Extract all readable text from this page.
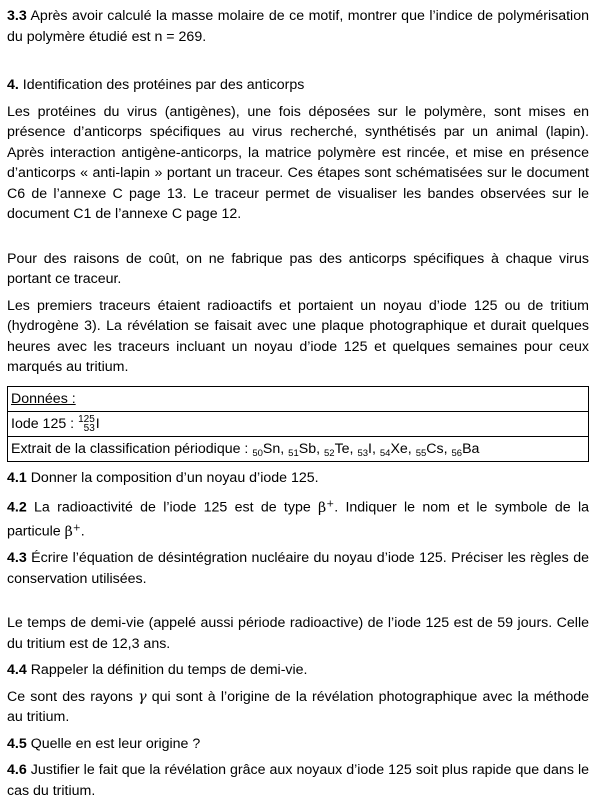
3.3 Après avoir calculé la masse molaire de ce motif, montrer que l’indice de polymérisation du polymère étudié est n = 269.

4. Identification des protéines par des anticorps

Les protéines du virus (antigènes), une fois déposées sur le polymère, sont mises en présence d’anticorps spécifiques au virus recherché, synthétisés par un animal (lapin). Après interaction antigène-anticorps, la matrice polymère est rincée, et mise en présence d’anticorps « anti-lapin » portant un traceur. Ces étapes sont schématisées sur le document C6 de l’annexe C page 13. Le traceur permet de visualiser les bandes observées sur le document C1 de l’annexe C page 12.

Pour des raisons de coût, on ne fabrique pas des anticorps spécifiques à chaque virus portant ce traceur.

Les premiers traceurs étaient radioactifs et portaient un noyau d’iode 125 ou de tritium (hydrogène 3). La révélation se faisait avec une plaque photographique et durait quelques heures avec les traceurs incluant un noyau d’iode 125 et quelques semaines pour ceux marqués au tritium.

Données :
Iode 125 : 125
53I
Extrait de la classification périodique : $_{50}$Sn, $_{51}$Sb, $_{52}$Te, $_{53}$I, $_{54}$Xe, $_{55}$Cs, $_{56}$Ba

4.1 Donner la composition d’un noyau d’iode 125.

4.2 La radioactivité de l’iode 125 est de type β+. Indiquer le nom et le symbole de la particule β+.

4.3 Écrire l’équation de désintégration nucléaire du noyau d’iode 125. Préciser les règles de conservation utilisées.

Le temps de demi-vie (appelé aussi période radioactive) de l’iode 125 est de 59 jours. Celle du tritium est de 12,3 ans.

4.4 Rappeler la définition du temps de demi-vie.

Ce sont des rayons γ qui sont à l’origine de la révélation photographique avec la méthode au tritium.

4.5 Quelle en est leur origine ?

4.6 Justifier le fait que la révélation grâce aux noyaux d’iode 125 soit plus rapide que dans le cas du tritium.
